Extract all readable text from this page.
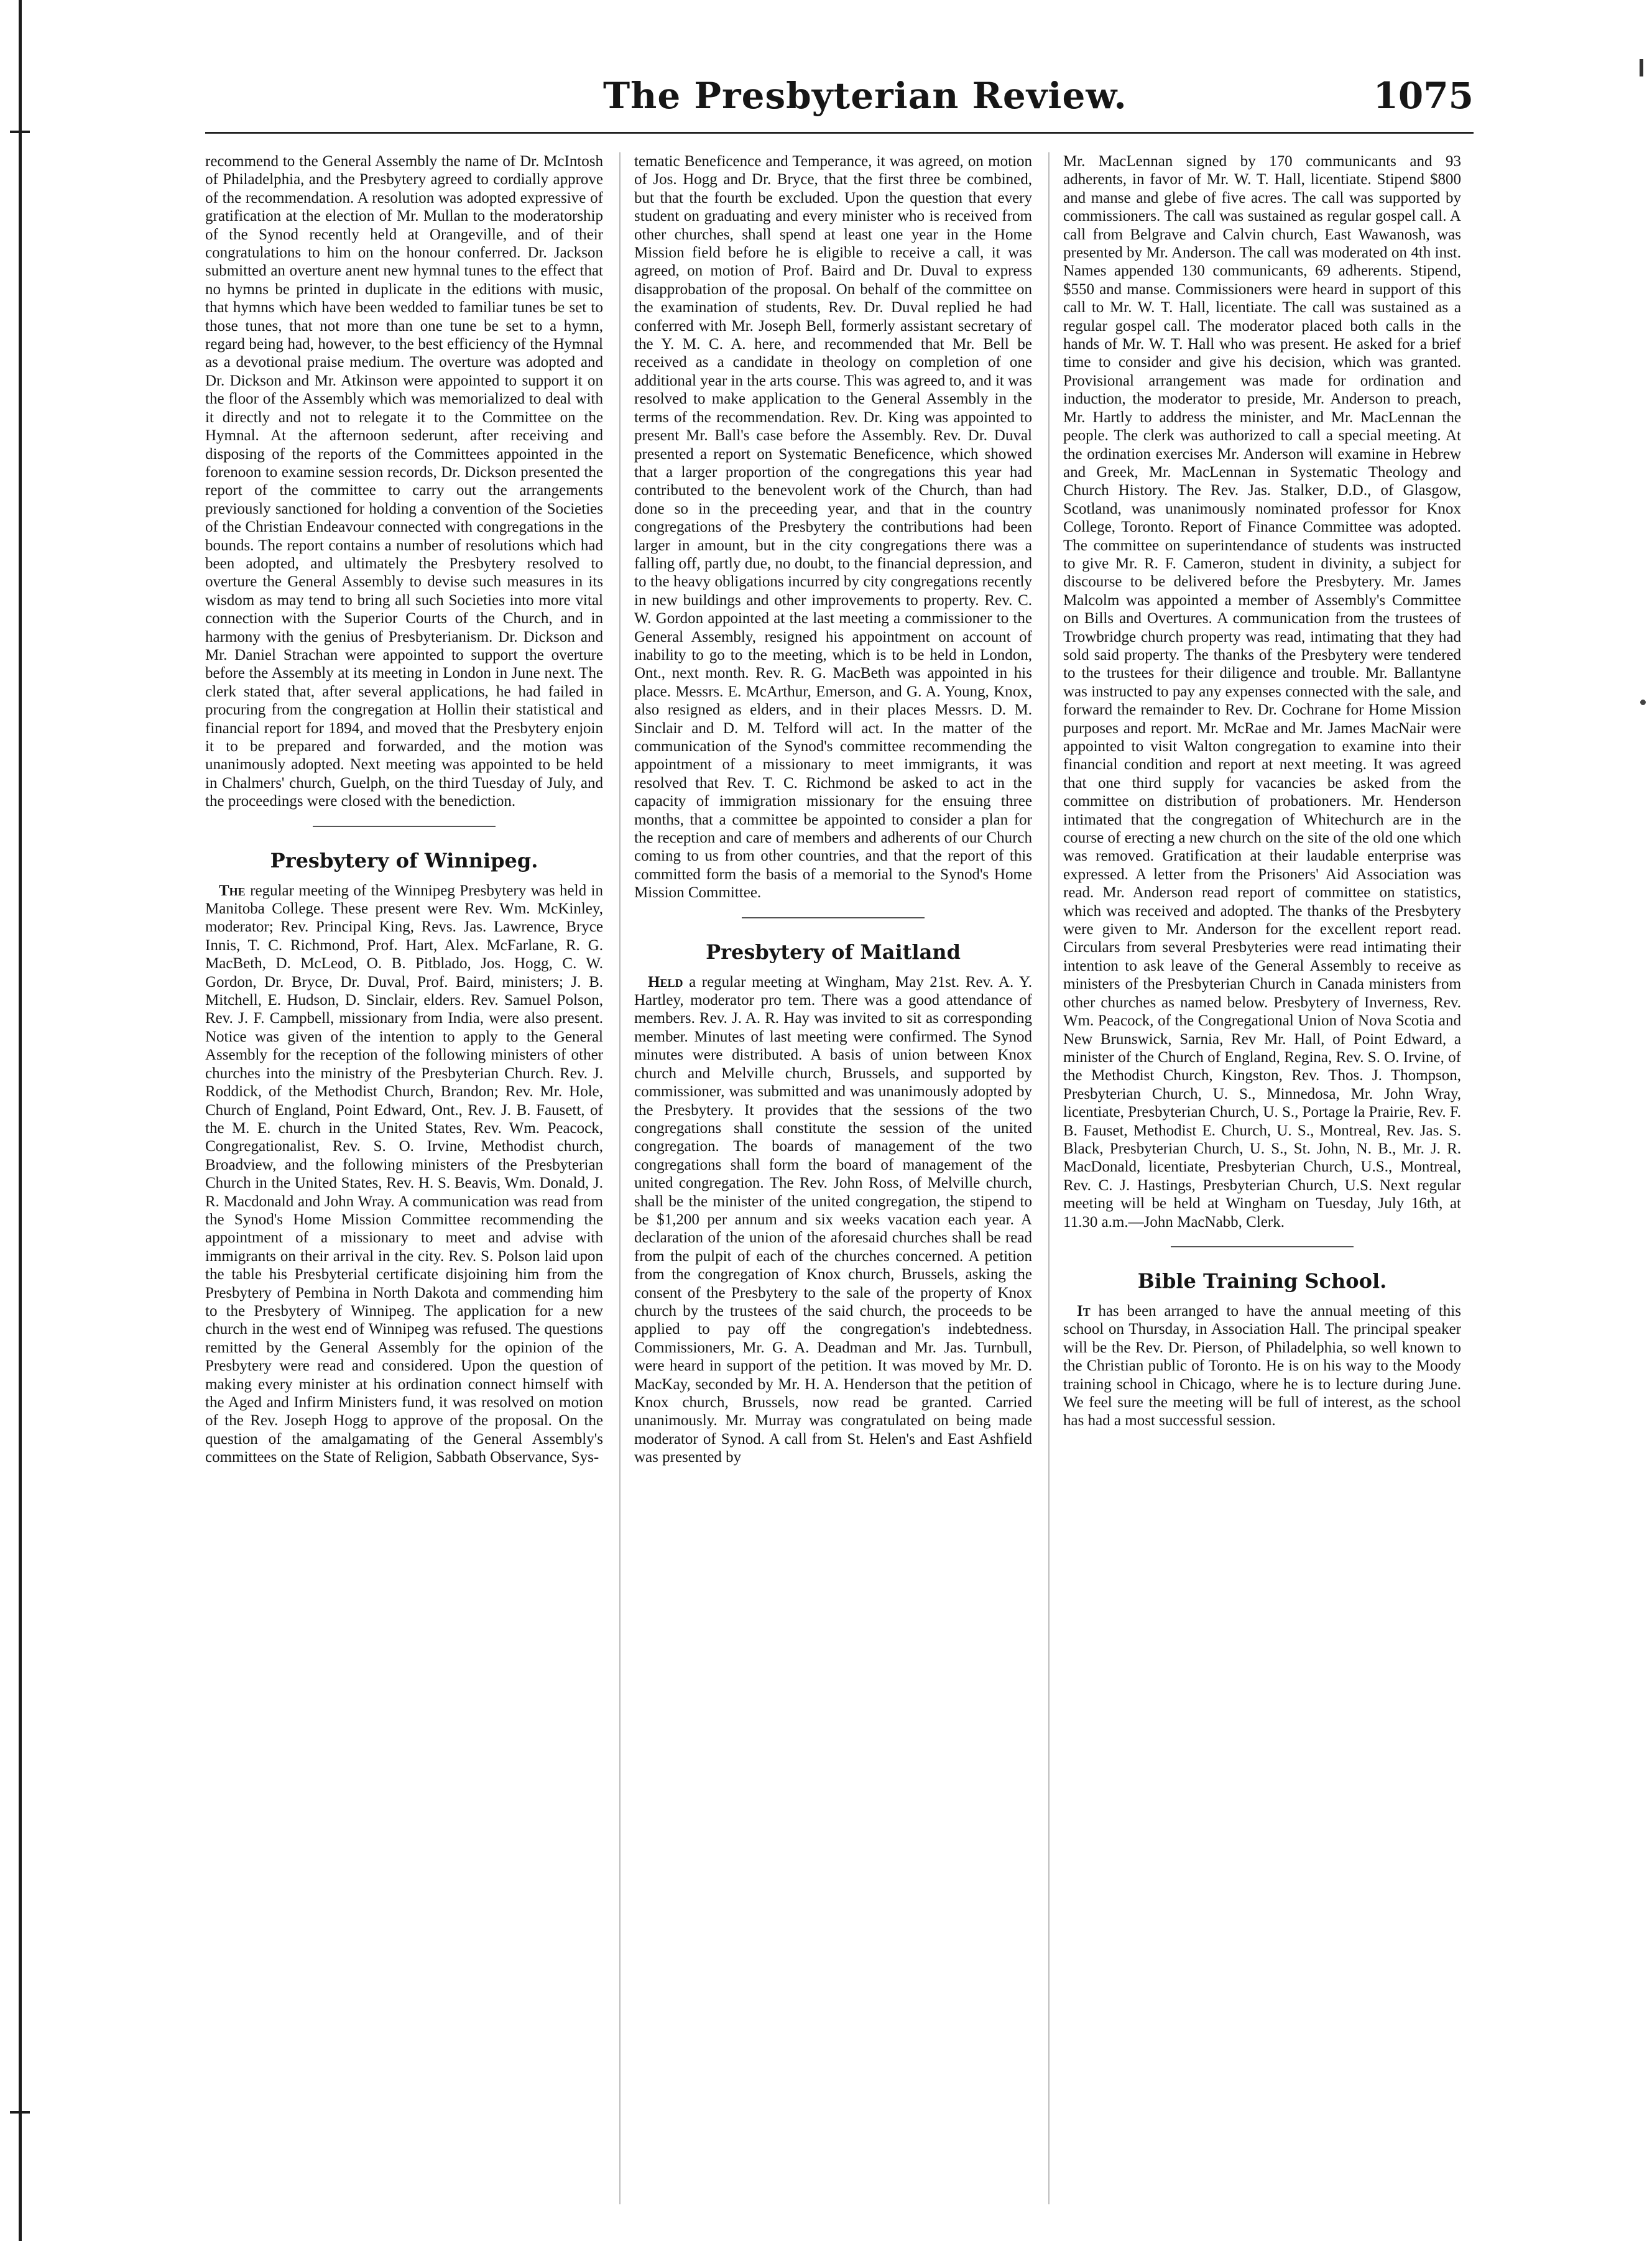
The Presbyterian Review.	1075

recommend to the General Assembly the name of Dr. McIntosh of Philadelphia, and the Presbytery agreed to cordially approve of the recommendation. A resolution was adopted expressive of gratification at the election of Mr. Mullan to the moderatorship of the Synod recently held at Orangeville, and of their congratulations to him on the honour conferred. Dr. Jackson submitted an overture anent new hymnal tunes to the effect that no hymns be printed in duplicate in the editions with music, that hymns which have been wedded to familiar tunes be set to those tunes, that not more than one tune be set to a hymn, regard being had, however, to the best efficiency of the Hymnal as a devotional praise medium. The overture was adopted and Dr. Dickson and Mr. Atkinson were appointed to support it on the floor of the Assembly which was memorialized to deal with it directly and not to relegate it to the Committee on the Hymnal. At the afternoon sederunt, after receiving and disposing of the reports of the Committees appointed in the forenoon to examine session records, Dr. Dickson presented the report of the committee to carry out the arrangements previously sanctioned for holding a convention of the Societies of the Christian Endeavour connected with congregations in the bounds. The report contains a number of resolutions which had been adopted, and ultimately the Presbytery resolved to overture the General Assembly to devise such measures in its wisdom as may tend to bring all such Societies into more vital connection with the Superior Courts of the Church, and in harmony with the genius of Presbyterianism. Dr. Dickson and Mr. Daniel Strachan were appointed to support the overture before the Assembly at its meeting in London in June next. The clerk stated that, after several applications, he had failed in procuring from the congregation at Hollin their statistical and financial report for 1894, and moved that the Presbytery enjoin it to be prepared and forwarded, and the motion was unanimously adopted. Next meeting was appointed to be held in Chalmers' church, Guelph, on the third Tuesday of July, and the proceedings were closed with the benediction.

Presbytery of Winnipeg.

The regular meeting of the Winnipeg Presbytery was held in Manitoba College. These present were Rev. Wm. McKinley, moderator; Rev. Principal King, Revs. Jas. Lawrence, Bryce Innis, T. C. Richmond, Prof. Hart, Alex. McFarlane, R. G. MacBeth, D. McLeod, O. B. Pitblado, Jos. Hogg, C. W. Gordon, Dr. Bryce, Dr. Duval, Prof. Baird, ministers; J. B. Mitchell, E. Hudson, D. Sinclair, elders. Rev. Samuel Polson, Rev. J. F. Campbell, missionary from India, were also present. Notice was given of the intention to apply to the General Assembly for the reception of the following ministers of other churches into the ministry of the Presbyterian Church. Rev. J. Roddick, of the Methodist Church, Brandon; Rev. Mr. Hole, Church of England, Point Edward, Ont., Rev. J. B. Fausett, of the M. E. church in the United States, Rev. Wm. Peacock, Congregationalist, Rev. S. O. Irvine, Methodist church, Broadview, and the following ministers of the Presbyterian Church in the United States, Rev. H. S. Beavis, Wm. Donald, J. R. Macdonald and John Wray. A communication was read from the Synod's Home Mission Committee recommending the appointment of a missionary to meet and advise with immigrants on their arrival in the city. Rev. S. Polson laid upon the table his Presbyterial certificate disjoining him from the Presbytery of Pembina in North Dakota and commending him to the Presbytery of Winnipeg. The application for a new church in the west end of Winnipeg was refused. The questions remitted by the General Assembly for the opinion of the Presbytery were read and considered. Upon the question of making every minister at his ordination connect himself with the Aged and Infirm Ministers fund, it was resolved on motion of the Rev. Joseph Hogg to approve of the proposal. On the question of the amalgamating of the General Assembly's committees on the State of Religion, Sabbath Observance, Sys-

tematic Beneficence and Temperance, it was agreed, on motion of Jos. Hogg and Dr. Bryce, that the first three be combined, but that the fourth be excluded. Upon the question that every student on graduating and every minister who is received from other churches, shall spend at least one year in the Home Mission field before he is eligible to receive a call, it was agreed, on motion of Prof. Baird and Dr. Duval to express disapprobation of the proposal. On behalf of the committee on the examination of students, Rev. Dr. Duval replied he had conferred with Mr. Joseph Bell, formerly assistant secretary of the Y. M. C. A. here, and recommended that Mr. Bell be received as a candidate in theology on completion of one additional year in the arts course. This was agreed to, and it was resolved to make application to the General Assembly in the terms of the recommendation. Rev. Dr. King was appointed to present Mr. Ball's case before the Assembly. Rev. Dr. Duval presented a report on Systematic Beneficence, which showed that a larger proportion of the congregations this year had contributed to the benevolent work of the Church, than had done so in the preceeding year, and that in the country congregations of the Presbytery the contributions had been larger in amount, but in the city congregations there was a falling off, partly due, no doubt, to the financial depression, and to the heavy obligations incurred by city congregations recently in new buildings and other improvements to property. Rev. C. W. Gordon appointed at the last meeting a commissioner to the General Assembly, resigned his appointment on account of inability to go to the meeting, which is to be held in London, Ont., next month. Rev. R. G. MacBeth was appointed in his place. Messrs. E. McArthur, Emerson, and G. A. Young, Knox, also resigned as elders, and in their places Messrs. D. M. Sinclair and D. M. Telford will act. In the matter of the communication of the Synod's committee recommending the appointment of a missionary to meet immigrants, it was resolved that Rev. T. C. Richmond be asked to act in the capacity of immigration missionary for the ensuing three months, that a committee be appointed to consider a plan for the reception and care of members and adherents of our Church coming to us from other countries, and that the report of this committed form the basis of a memorial to the Synod's Home Mission Committee.

Presbytery of Maitland

Held a regular meeting at Wingham, May 21st. Rev. A. Y. Hartley, moderator pro tem. There was a good attendance of members. Rev. J. A. R. Hay was invited to sit as corresponding member. Minutes of last meeting were confirmed. The Synod minutes were distributed. A basis of union between Knox church and Melville church, Brussels, and supported by commissioner, was submitted and was unanimously adopted by the Presbytery. It provides that the sessions of the two congregations shall constitute the session of the united congregation. The boards of management of the two congregations shall form the board of management of the united congregation. The Rev. John Ross, of Melville church, shall be the minister of the united congregation, the stipend to be $1,200 per annum and six weeks vacation each year. A declaration of the union of the aforesaid churches shall be read from the pulpit of each of the churches concerned. A petition from the congregation of Knox church, Brussels, asking the consent of the Presbytery to the sale of the property of Knox church by the trustees of the said church, the proceeds to be applied to pay off the congregation's indebtedness. Commissioners, Mr. G. A. Deadman and Mr. Jas. Turnbull, were heard in support of the petition. It was moved by Mr. D. MacKay, seconded by Mr. H. A. Henderson that the petition of Knox church, Brussels, now read be granted. Carried unanimously. Mr. Murray was congratulated on being made moderator of Synod. A call from St. Helen's and East Ashfield was presented by

Mr. MacLennan signed by 170 communicants and 93 adherents, in favor of Mr. W. T. Hall, licentiate. Stipend $800 and manse and glebe of five acres. The call was supported by commissioners. The call was sustained as regular gospel call. A call from Belgrave and Calvin church, East Wawanosh, was presented by Mr. Anderson. The call was moderated on 4th inst. Names appended 130 communicants, 69 adherents. Stipend, $550 and manse. Commissioners were heard in support of this call to Mr. W. T. Hall, licentiate. The call was sustained as a regular gospel call. The moderator placed both calls in the hands of Mr. W. T. Hall who was present. He asked for a brief time to consider and give his decision, which was granted. Provisional arrangement was made for ordination and induction, the moderator to preside, Mr. Anderson to preach, Mr. Hartly to address the minister, and Mr. MacLennan the people. The clerk was authorized to call a special meeting. At the ordination exercises Mr. Anderson will examine in Hebrew and Greek, Mr. MacLennan in Systematic Theology and Church History. The Rev. Jas. Stalker, D.D., of Glasgow, Scotland, was unanimously nominated professor for Knox College, Toronto. Report of Finance Committee was adopted. The committee on superintendance of students was instructed to give Mr. R. F. Cameron, student in divinity, a subject for discourse to be delivered before the Presbytery. Mr. James Malcolm was appointed a member of Assembly's Committee on Bills and Overtures. A communication from the trustees of Trowbridge church property was read, intimating that they had sold said property. The thanks of the Presbytery were tendered to the trustees for their diligence and trouble. Mr. Ballantyne was instructed to pay any expenses connected with the sale, and forward the remainder to Rev. Dr. Cochrane for Home Mission purposes and report. Mr. McRae and Mr. James MacNair were appointed to visit Walton congregation to examine into their financial condition and report at next meeting. It was agreed that one third supply for vacancies be asked from the committee on distribution of probationers. Mr. Henderson intimated that the congregation of Whitechurch are in the course of erecting a new church on the site of the old one which was removed. Gratification at their laudable enterprise was expressed. A letter from the Prisoners' Aid Association was read. Mr. Anderson read report of committee on statistics, which was received and adopted. The thanks of the Presbytery were given to Mr. Anderson for the excellent report read. Circulars from several Presbyteries were read intimating their intention to ask leave of the General Assembly to receive as ministers of the Presbyterian Church in Canada ministers from other churches as named below. Presbytery of Inverness, Rev. Wm. Peacock, of the Congregational Union of Nova Scotia and New Brunswick, Sarnia, Rev Mr. Hall, of Point Edward, a minister of the Church of England, Regina, Rev. S. O. Irvine, of the Methodist Church, Kingston, Rev. Thos. J. Thompson, Presbyterian Church, U. S., Minnedosa, Mr. John Wray, licentiate, Presbyterian Church, U. S., Portage la Prairie, Rev. F. B. Fauset, Methodist E. Church, U. S., Montreal, Rev. Jas. S. Black, Presbyterian Church, U. S., St. John, N. B., Mr. J. R. MacDonald, licentiate, Presbyterian Church, U.S., Montreal, Rev. C. J. Hastings, Presbyterian Church, U.S. Next regular meeting will be held at Wingham on Tuesday, July 16th, at 11.30 a.m.—John MacNabb, Clerk.

Bible Training School.

It has been arranged to have the annual meeting of this school on Thursday, in Association Hall. The principal speaker will be the Rev. Dr. Pierson, of Philadelphia, so well known to the Christian public of Toronto. He is on his way to the Moody training school in Chicago, where he is to lecture during June. We feel sure the meeting will be full of interest, as the school has had a most successful session.
